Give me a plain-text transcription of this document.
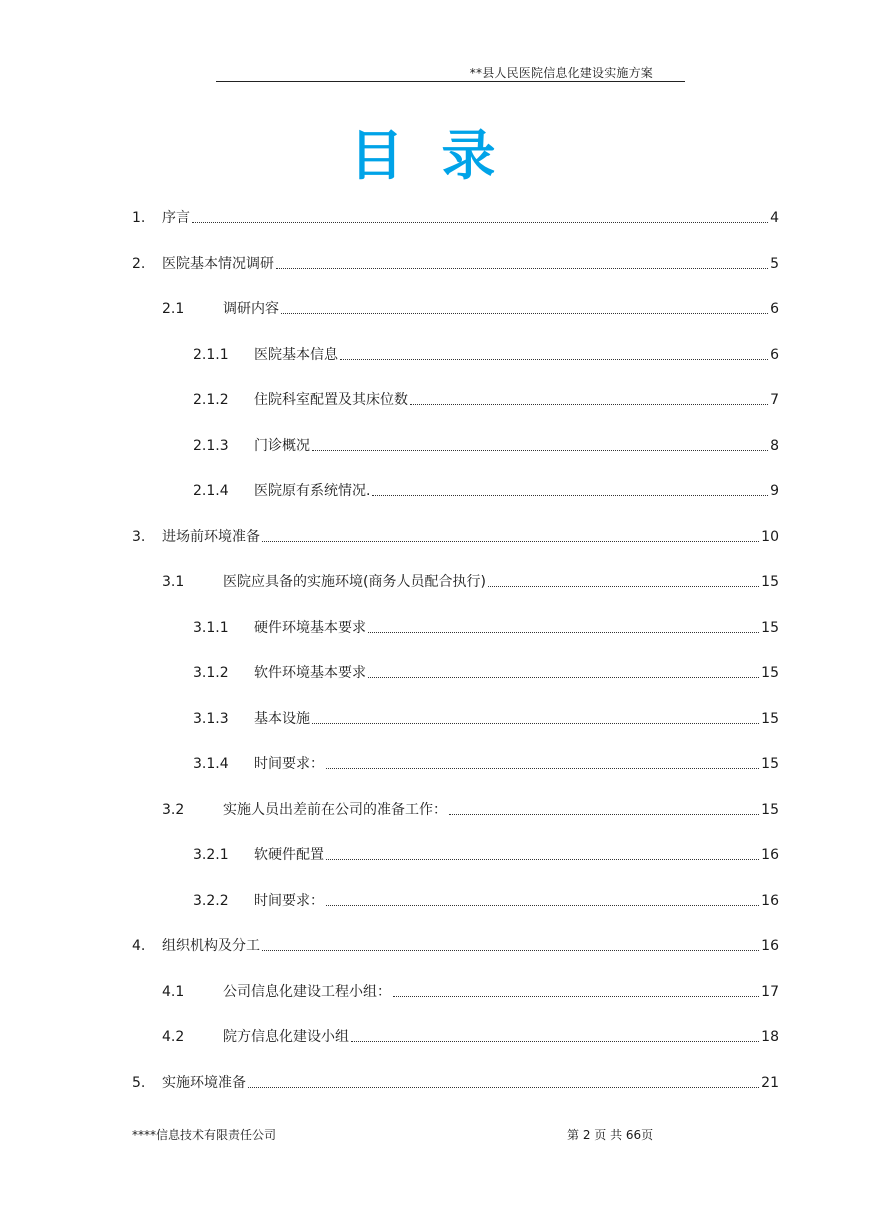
**县人民医院信息化建设实施方案
目录
1.	序言	4
2.	医院基本情况调研	5
2.1	调研内容	6
2.1.1	医院基本信息	6
2.1.2	住院科室配置及其床位数	7
2.1.3	门诊概况	8
2.1.4	医院原有系统情况.	9
3.	进场前环境准备	10
3.1	医院应具备的实施环境(商务人员配合执行)	15
3.1.1	硬件环境基本要求	15
3.1.2	软件环境基本要求	15
3.1.3	基本设施	15
3.1.4	时间要求：	15
3.2	实施人员出差前在公司的准备工作：	15
3.2.1	软硬件配置	16
3.2.2	时间要求：	16
4.	组织机构及分工	16
4.1	公司信息化建设工程小组：	17
4.2	院方信息化建设小组	18
5.	实施环境准备	21
****信息技术有限责任公司	第 2 页 共 66页
